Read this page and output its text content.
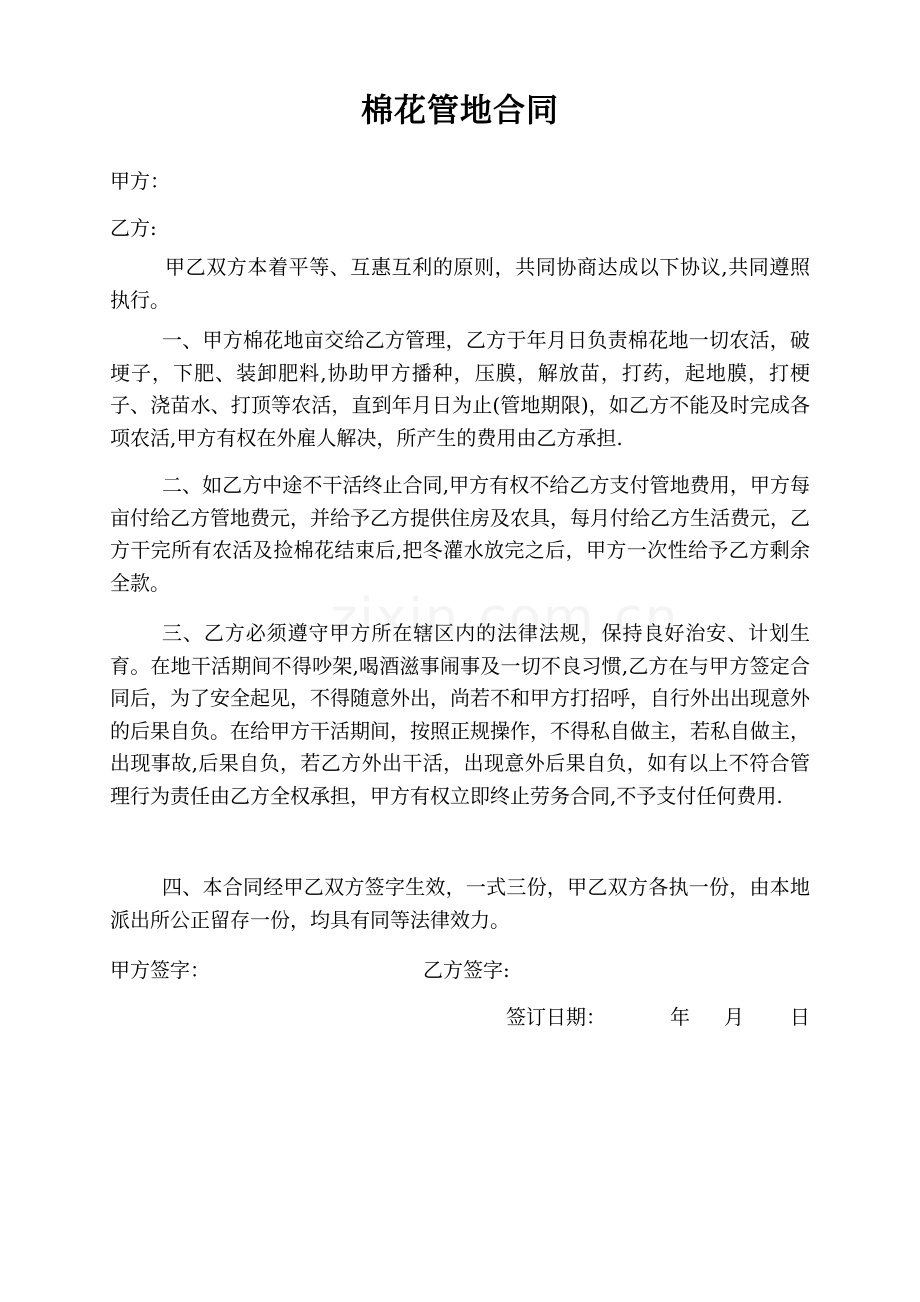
棉花管地合同
甲方：
乙方:

甲乙双方本着平等、互惠互利的原则，共同协商达成以下协议,共同遵照执行。

一、甲方棉花地亩交给乙方管理，乙方于年月日负责棉花地一切农活，破埂子，下肥、装卸肥料,协助甲方播种，压膜，解放苗，打药，起地膜，打梗子、浇苗水、打顶等农活，直到年月日为止(管地期限)，如乙方不能及时完成各项农活,甲方有权在外雇人解决，所产生的费用由乙方承担.

二、如乙方中途不干活终止合同,甲方有权不给乙方支付管地费用，甲方每亩付给乙方管地费元，并给予乙方提供住房及农具，每月付给乙方生活费元，乙方干完所有农活及捡棉花结束后,把冬灌水放完之后，甲方一次性给予乙方剩余全款。

三、乙方必须遵守甲方所在辖区内的法律法规，保持良好治安、计划生育。在地干活期间不得吵架,喝酒滋事闹事及一切不良习惯,乙方在与甲方签定合同后，为了安全起见，不得随意外出，尚若不和甲方打招呼，自行外出出现意外的后果自负。在给甲方干活期间，按照正规操作，不得私自做主，若私自做主，出现事故,后果自负，若乙方外出干活，出现意外后果自负，如有以上不符合管理行为责任由乙方全权承担，甲方有权立即终止劳务合同,不予支付任何费用.

四、本合同经甲乙双方签字生效，一式三份，甲乙双方各执一份，由本地派出所公正留存一份，均具有同等法律效力。

甲方签字：	乙方签字:
签订日期：	年 月 日
